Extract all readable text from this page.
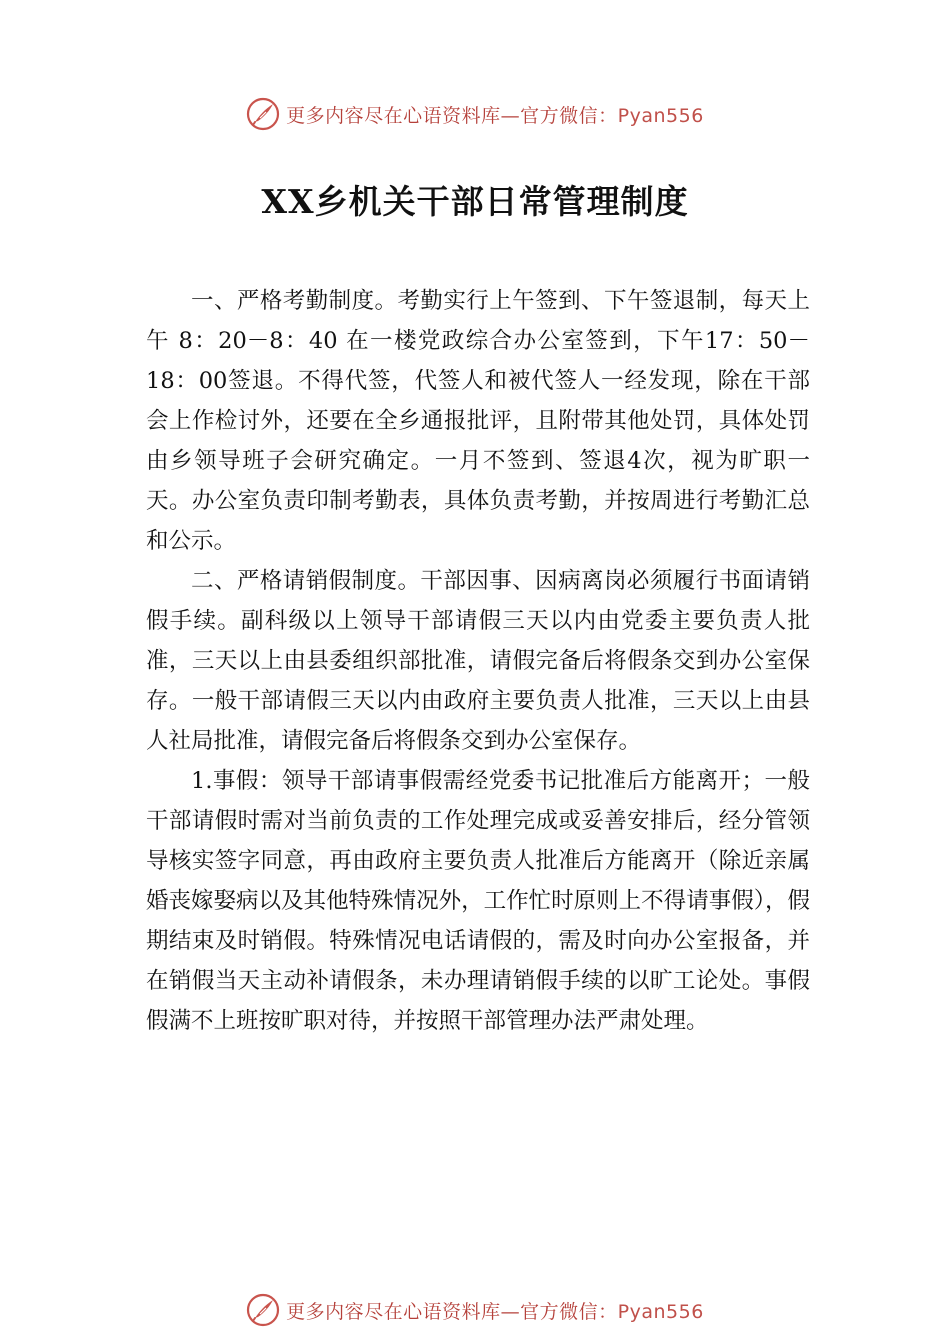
更多内容尽在心语资料库—官方微信：Pyan556
XX乡机关干部日常管理制度

一、严格考勤制度。考勤实行上午签到、下午签退制，每天上午 8：20－8：40 在一楼党政综合办公室签到，下午17：50－18：00签退。不得代签，代签人和被代签人一经发现，除在干部会上作检讨外，还要在全乡通报批评，且附带其他处罚，具体处罚由乡领导班子会研究确定。一月不签到、签退4次，视为旷职一天。办公室负责印制考勤表，具体负责考勤，并按周进行考勤汇总和公示。

二、严格请销假制度。干部因事、因病离岗必须履行书面请销假手续。副科级以上领导干部请假三天以内由党委主要负责人批准，三天以上由县委组织部批准，请假完备后将假条交到办公室保存。一般干部请假三天以内由政府主要负责人批准，三天以上由县人社局批准，请假完备后将假条交到办公室保存。

1.事假：领导干部请事假需经党委书记批准后方能离开；一般干部请假时需对当前负责的工作处理完成或妥善安排后，经分管领导核实签字同意，再由政府主要负责人批准后方能离开（除近亲属婚丧嫁娶病以及其他特殊情况外，工作忙时原则上不得请事假），假期结束及时销假。特殊情况电话请假的，需及时向办公室报备，并在销假当天主动补请假条，未办理请销假手续的以旷工论处。事假假满不上班按旷职对待，并按照干部管理办法严肃处理。

更多内容尽在心语资料库—官方微信：Pyan556
